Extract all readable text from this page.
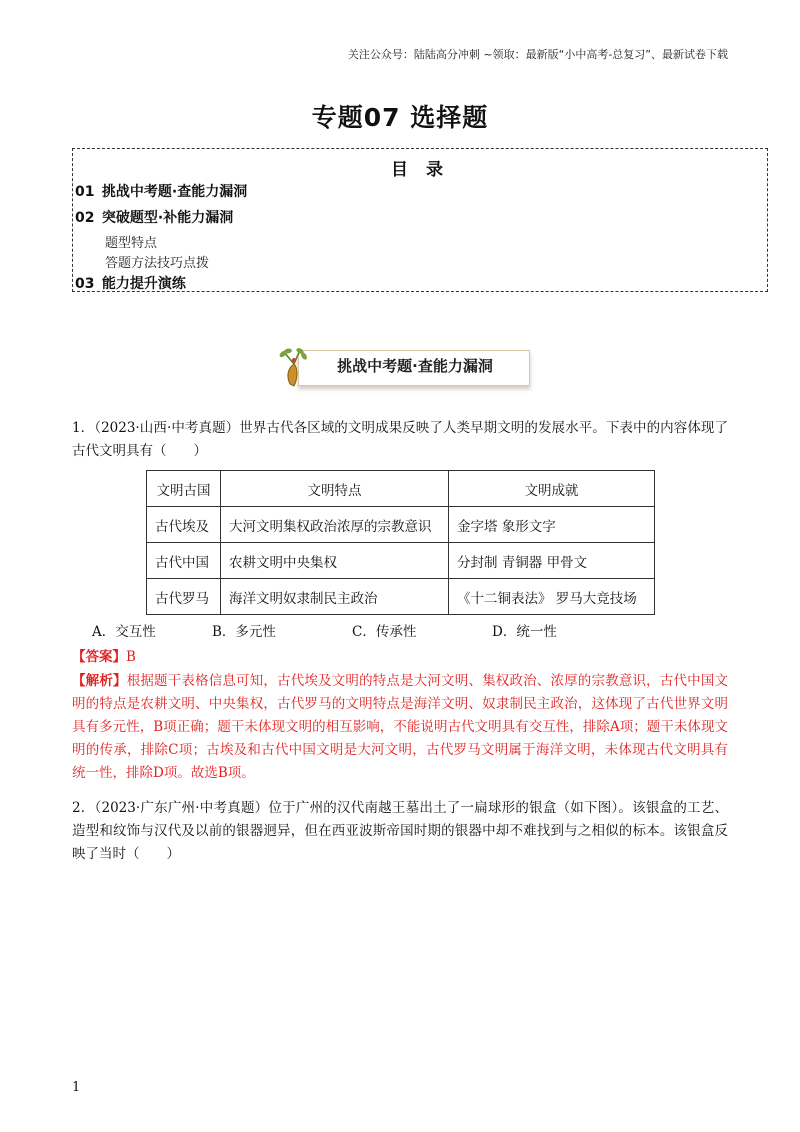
关注公众号：陆陆高分冲刺 ~领取：最新版“小中高考-总复习”、最新试卷下载
专题07 选择题
目 录
01 挑战中考题·查能力漏洞
02 突破题型·补能力漏洞
题型特点
答题方法技巧点拨
03 能力提升演练
挑战中考题·查能力漏洞
1．（2023·山西·中考真题）世界古代各区域的文明成果反映了人类早期文明的发展水平。下表中的内容体现了古代文明具有（　　）
文明古国	文明特点	文明成就
古代埃及	大河文明集权政治浓厚的宗教意识	金字塔 象形文字
古代中国	农耕文明中央集权	分封制 青铜器 甲骨文
古代罗马	海洋文明奴隶制民主政治	《十二铜表法》 罗马大竞技场
A．交互性	B．多元性	C．传承性	D．统一性
【答案】B
【解析】根据题干表格信息可知，古代埃及文明的特点是大河文明、集权政治、浓厚的宗教意识，古代中国文明的特点是农耕文明、中央集权，古代罗马的文明特点是海洋文明、奴隶制民主政治，这体现了古代世界文明具有多元性，B项正确；题干未体现文明的相互影响，不能说明古代文明具有交互性，排除A项；题干未体现文明的传承，排除C项；古埃及和古代中国文明是大河文明，古代罗马文明属于海洋文明，未体现古代文明具有统一性，排除D项。故选B项。
2．（2023·广东广州·中考真题）位于广州的汉代南越王墓出土了一扁球形的银盒（如下图）。该银盒的工艺、造型和纹饰与汉代及以前的银器迥异，但在西亚波斯帝国时期的银器中却不难找到与之相似的标本。该银盒反映了当时（　　）
1
